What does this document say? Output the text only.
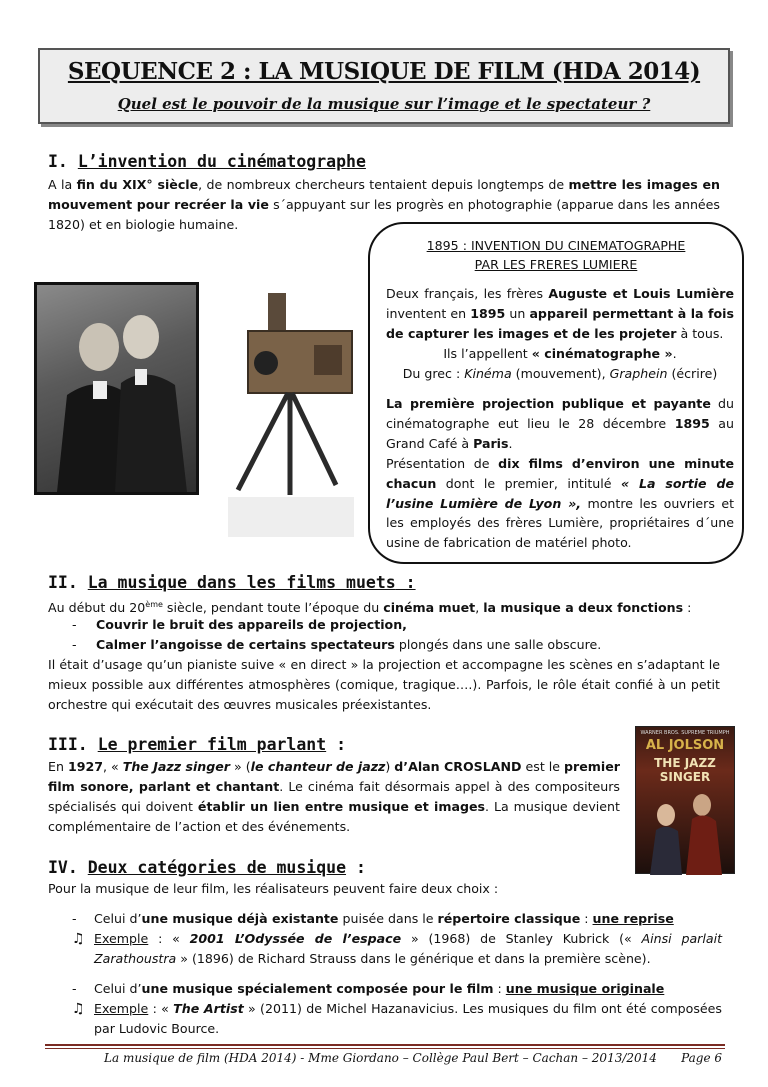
SEQUENCE 2 : LA MUSIQUE DE FILM (HDA 2014)
Quel est le pouvoir de la musique sur l’image et le spectateur ?
I. L’invention du cinématographe
A la fin du XIX° siècle, de nombreux chercheurs tentaient depuis longtemps de mettre les images en mouvement pour recréer la vie s´appuyant sur les progrès en photographie (apparue dans les années 1820) et en biologie humaine.
1895 : INVENTION DU CINEMATOGRAPHE
PAR LES FRERES LUMIERE
Deux français, les frères Auguste et Louis Lumière inventent en 1895 un appareil permettant à la fois de capturer les images et de les projeter à tous.
Ils l’appellent « cinématographe ».
Du grec : Kinéma (mouvement), Graphein (écrire)
La première projection publique et payante du cinématographe eut lieu le 28 décembre 1895 au Grand Café à Paris.
Présentation de dix films d’environ une minute chacun dont le premier, intitulé « La sortie de l’usine Lumière de Lyon », montre les ouvriers et les employés des frères Lumière, propriétaires d´une usine de fabrication de matériel photo.
II. La musique dans les films muets :
Au début du 20ème siècle, pendant toute l’époque du cinéma muet, la musique a deux fonctions :
- Couvrir le bruit des appareils de projection,
- Calmer l’angoisse de certains spectateurs plongés dans une salle obscure.
Il était d’usage qu’un pianiste suive « en direct » la projection et accompagne les scènes en s’adaptant le mieux possible aux différentes atmosphères (comique, tragique….). Parfois, le rôle était confié à un petit orchestre qui exécutait des œuvres musicales préexistantes.
III. Le premier film parlant :
En 1927, « The Jazz singer » (le chanteur de jazz) d’Alan CROSLAND est le premier film sonore, parlant et chantant. Le cinéma fait désormais appel à des compositeurs spécialisés qui doivent établir un lien entre musique et images. La musique devient complémentaire de l’action et des événements.
WARNER BROS. SUPREME TRIUMPH
AL JOLSON
THE JAZZ SINGER
IV. Deux catégories de musique :
Pour la musique de leur film, les réalisateurs peuvent faire deux choix :
- Celui d’une musique déjà existante puisée dans le répertoire classique : une reprise
♫ Exemple : « 2001 L’Odyssée de l’espace » (1968) de Stanley Kubrick (« Ainsi parlait Zarathoustra » (1896) de Richard Strauss dans le générique et dans la première scène).
- Celui d’une musique spécialement composée pour le film : une musique originale
♫ Exemple : « The Artist » (2011) de Michel Hazanavicius. Les musiques du film ont été composées par Ludovic Bource.
La musique de film (HDA 2014) - Mme Giordano – Collège Paul Bert – Cachan – 2013/2014 Page 6
